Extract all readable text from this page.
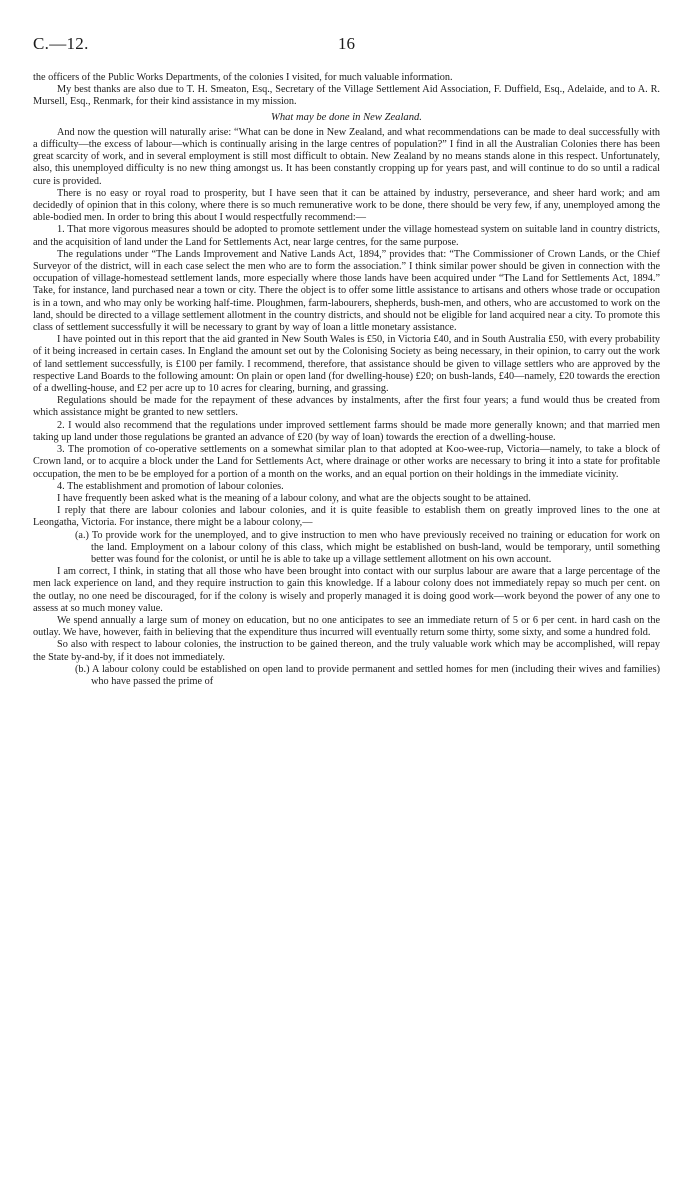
C.—12.	16

the officers of the Public Works Departments, of the colonies I visited, for much valuable information.

My best thanks are also due to T. H. Smeaton, Esq., Secretary of the Village Settlement Aid Association, F. Duffield, Esq., Adelaide, and to A. R. Mursell, Esq., Renmark, for their kind assistance in my mission.

What may be done in New Zealand.

And now the question will naturally arise: “What can be done in New Zealand, and what recommendations can be made to deal successfully with a difficulty—the excess of labour—which is continually arising in the large centres of population?” I find in all the Australian Colonies there has been great scarcity of work, and in several employment is still most difficult to obtain. New Zealand by no means stands alone in this respect. Unfortunately, also, this unemployed difficulty is no new thing amongst us. It has been constantly cropping up for years past, and will continue to do so until a radical cure is provided.

There is no easy or royal road to prosperity, but I have seen that it can be attained by industry, perseverance, and sheer hard work; and am decidedly of opinion that in this colony, where there is so much remunerative work to be done, there should be very few, if any, unemployed among the able-bodied men. In order to bring this about I would respectfully recommend:—

1. That more vigorous measures should be adopted to promote settlement under the village homestead system on suitable land in country districts, and the acquisition of land under the Land for Settlements Act, near large centres, for the same purpose.

The regulations under “The Lands Improvement and Native Lands Act, 1894,” provides that: “The Commissioner of Crown Lands, or the Chief Surveyor of the district, will in each case select the men who are to form the association.” I think similar power should be given in connection with the occupation of village-homestead settlement lands, more especially where those lands have been acquired under “The Land for Settlements Act, 1894.” Take, for instance, land purchased near a town or city. There the object is to offer some little assistance to artisans and others whose trade or occupation is in a town, and who may only be working half-time. Ploughmen, farm-labourers, shepherds, bush-men, and others, who are accustomed to work on the land, should be directed to a village settlement allotment in the country districts, and should not be eligible for land acquired near a city. To promote this class of settlement successfully it will be necessary to grant by way of loan a little monetary assistance.

I have pointed out in this report that the aid granted in New South Wales is £50, in Victoria £40, and in South Australia £50, with every probability of it being increased in certain cases. In England the amount set out by the Colonising Society as being necessary, in their opinion, to carry out the work of land settlement successfully, is £100 per family. I recommend, therefore, that assistance should be given to village settlers who are approved by the respective Land Boards to the following amount: On plain or open land (for dwelling-house) £20; on bush-lands, £40—namely, £20 towards the erection of a dwelling-house, and £2 per acre up to 10 acres for clearing, burning, and grassing.

Regulations should be made for the repayment of these advances by instalments, after the first four years; a fund would thus be created from which assistance might be granted to new settlers.

2. I would also recommend that the regulations under improved settlement farms should be made more generally known; and that married men taking up land under those regulations be granted an advance of £20 (by way of loan) towards the erection of a dwelling-house.

3. The promotion of co-operative settlements on a somewhat similar plan to that adopted at Koo-wee-rup, Victoria—namely, to take a block of Crown land, or to acquire a block under the Land for Settlements Act, where drainage or other works are necessary to bring it into a state for profitable occupation, the men to be be employed for a portion of a month on the works, and an equal portion on their holdings in the immediate vicinity.

4. The establishment and promotion of labour colonies.

I have frequently been asked what is the meaning of a labour colony, and what are the objects sought to be attained.

I reply that there are labour colonies and labour colonies, and it is quite feasible to establish them on greatly improved lines to the one at Leongatha, Victoria. For instance, there might be a labour colony,—

(a.) To provide work for the unemployed, and to give instruction to men who have previously received no training or education for work on the land. Employment on a labour colony of this class, which might be established on bush-land, would be temporary, until something better was found for the colonist, or until he is able to take up a village settlement allotment on his own account.

I am correct, I think, in stating that all those who have been brought into contact with our surplus labour are aware that a large percentage of the men lack experience on land, and they require instruction to gain this knowledge. If a labour colony does not immediately repay so much per cent. on the outlay, no one need be discouraged, for if the colony is wisely and properly managed it is doing good work—work beyond the power of any one to assess at so much money value.

We spend annually a large sum of money on education, but no one anticipates to see an immediate return of 5 or 6 per cent. in hard cash on the outlay. We have, however, faith in believing that the expenditure thus incurred will eventually return some thirty, some sixty, and some a hundred fold.

So also with respect to labour colonies, the instruction to be gained thereon, and the truly valuable work which may be accomplished, will repay the State by-and-by, if it does not immediately.

(b.) A labour colony could be established on open land to provide permanent and settled homes for men (including their wives and families) who have passed the prime of
